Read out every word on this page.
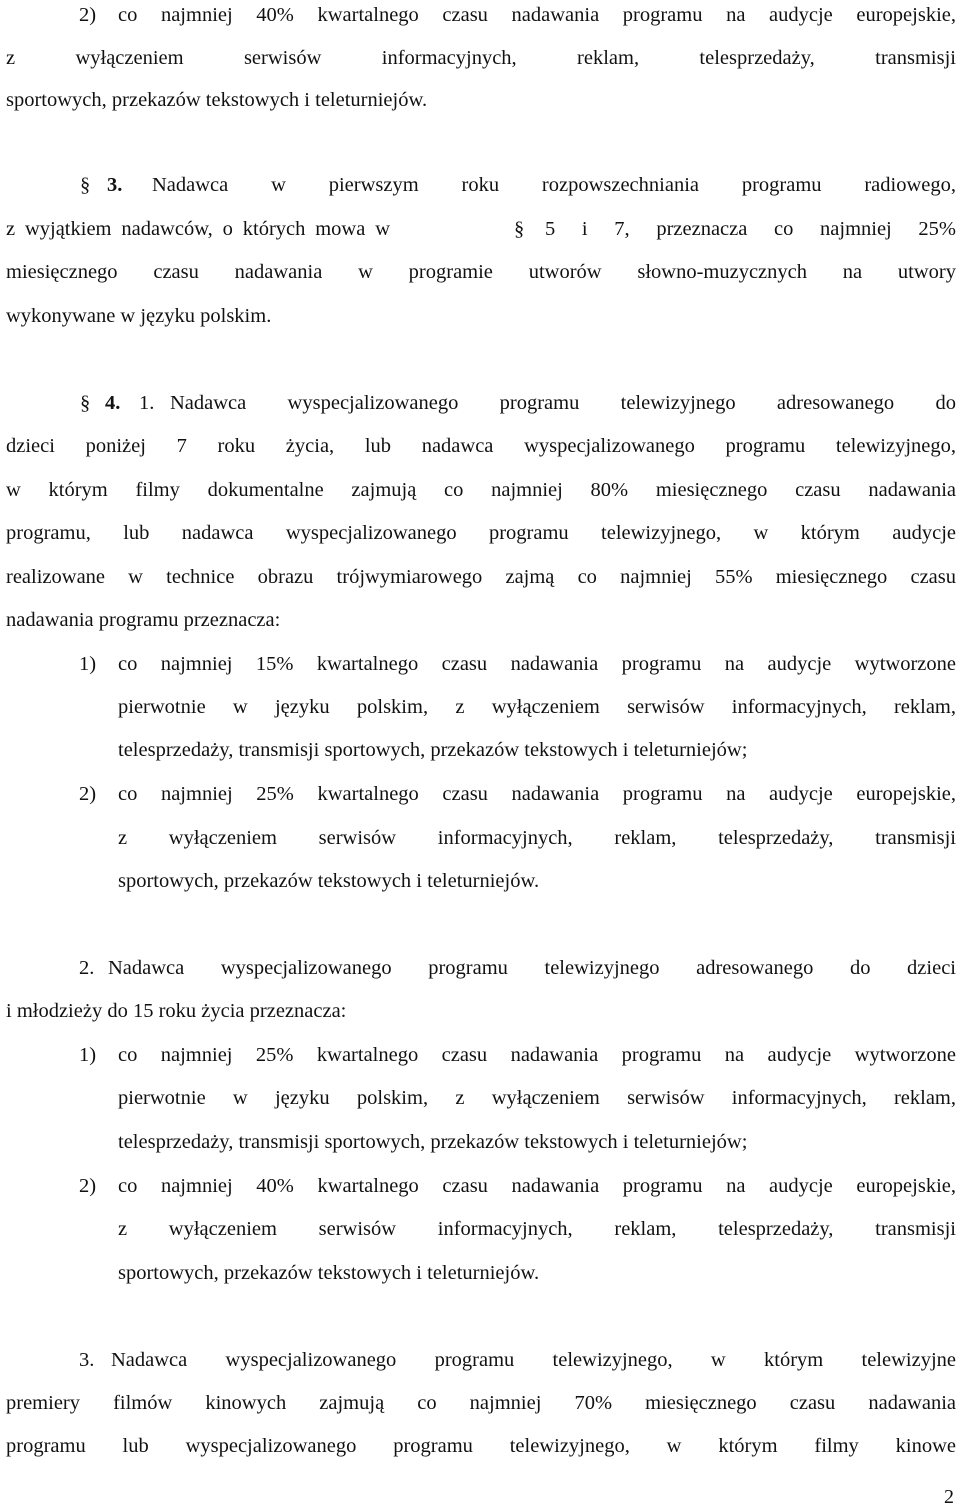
2) co najmniej 40% kwartalnego czasu nadawania programu na audycje europejskie,
z wyłączeniem serwisów informacyjnych, reklam, telesprzedaży, transmisji
sportowych, przekazów tekstowych i teleturniejów.
§ 3. Nadawca w pierwszym roku rozpowszechniania programu radiowego,
z wyjątkiem nadawców, o których mowa w	§ 5 i 7, przeznacza co najmniej 25%
miesięcznego czasu nadawania w programie utworów słowno-muzycznych na utwory
wykonywane w języku polskim.
§ 4. 1. Nadawca wyspecjalizowanego programu telewizyjnego adresowanego do
dzieci poniżej 7 roku życia, lub nadawca wyspecjalizowanego programu telewizyjnego,
w którym filmy dokumentalne zajmują co najmniej 80% miesięcznego czasu nadawania
programu, lub nadawca wyspecjalizowanego programu telewizyjnego, w którym audycje
realizowane w technice obrazu trójwymiarowego zajmą co najmniej 55% miesięcznego czasu
nadawania programu przeznacza:
1) co najmniej 15% kwartalnego czasu nadawania programu na audycje wytworzone
pierwotnie w języku polskim, z wyłączeniem serwisów informacyjnych, reklam,
telesprzedaży, transmisji sportowych, przekazów tekstowych i teleturniejów;
2) co najmniej 25% kwartalnego czasu nadawania programu na audycje europejskie,
z wyłączeniem serwisów informacyjnych, reklam, telesprzedaży, transmisji
sportowych, przekazów tekstowych i teleturniejów.
2. Nadawca wyspecjalizowanego programu telewizyjnego adresowanego do dzieci
i młodzieży do 15 roku życia przeznacza:
1) co najmniej 25% kwartalnego czasu nadawania programu na audycje wytworzone
pierwotnie w języku polskim, z wyłączeniem serwisów informacyjnych, reklam,
telesprzedaży, transmisji sportowych, przekazów tekstowych i teleturniejów;
2) co najmniej 40% kwartalnego czasu nadawania programu na audycje europejskie,
z wyłączeniem serwisów informacyjnych, reklam, telesprzedaży, transmisji
sportowych, przekazów tekstowych i teleturniejów.
3. Nadawca wyspecjalizowanego programu telewizyjnego, w którym telewizyjne
premiery filmów kinowych zajmują co najmniej 70% miesięcznego czasu nadawania
programu lub wyspecjalizowanego programu telewizyjnego, w którym filmy kinowe
2
